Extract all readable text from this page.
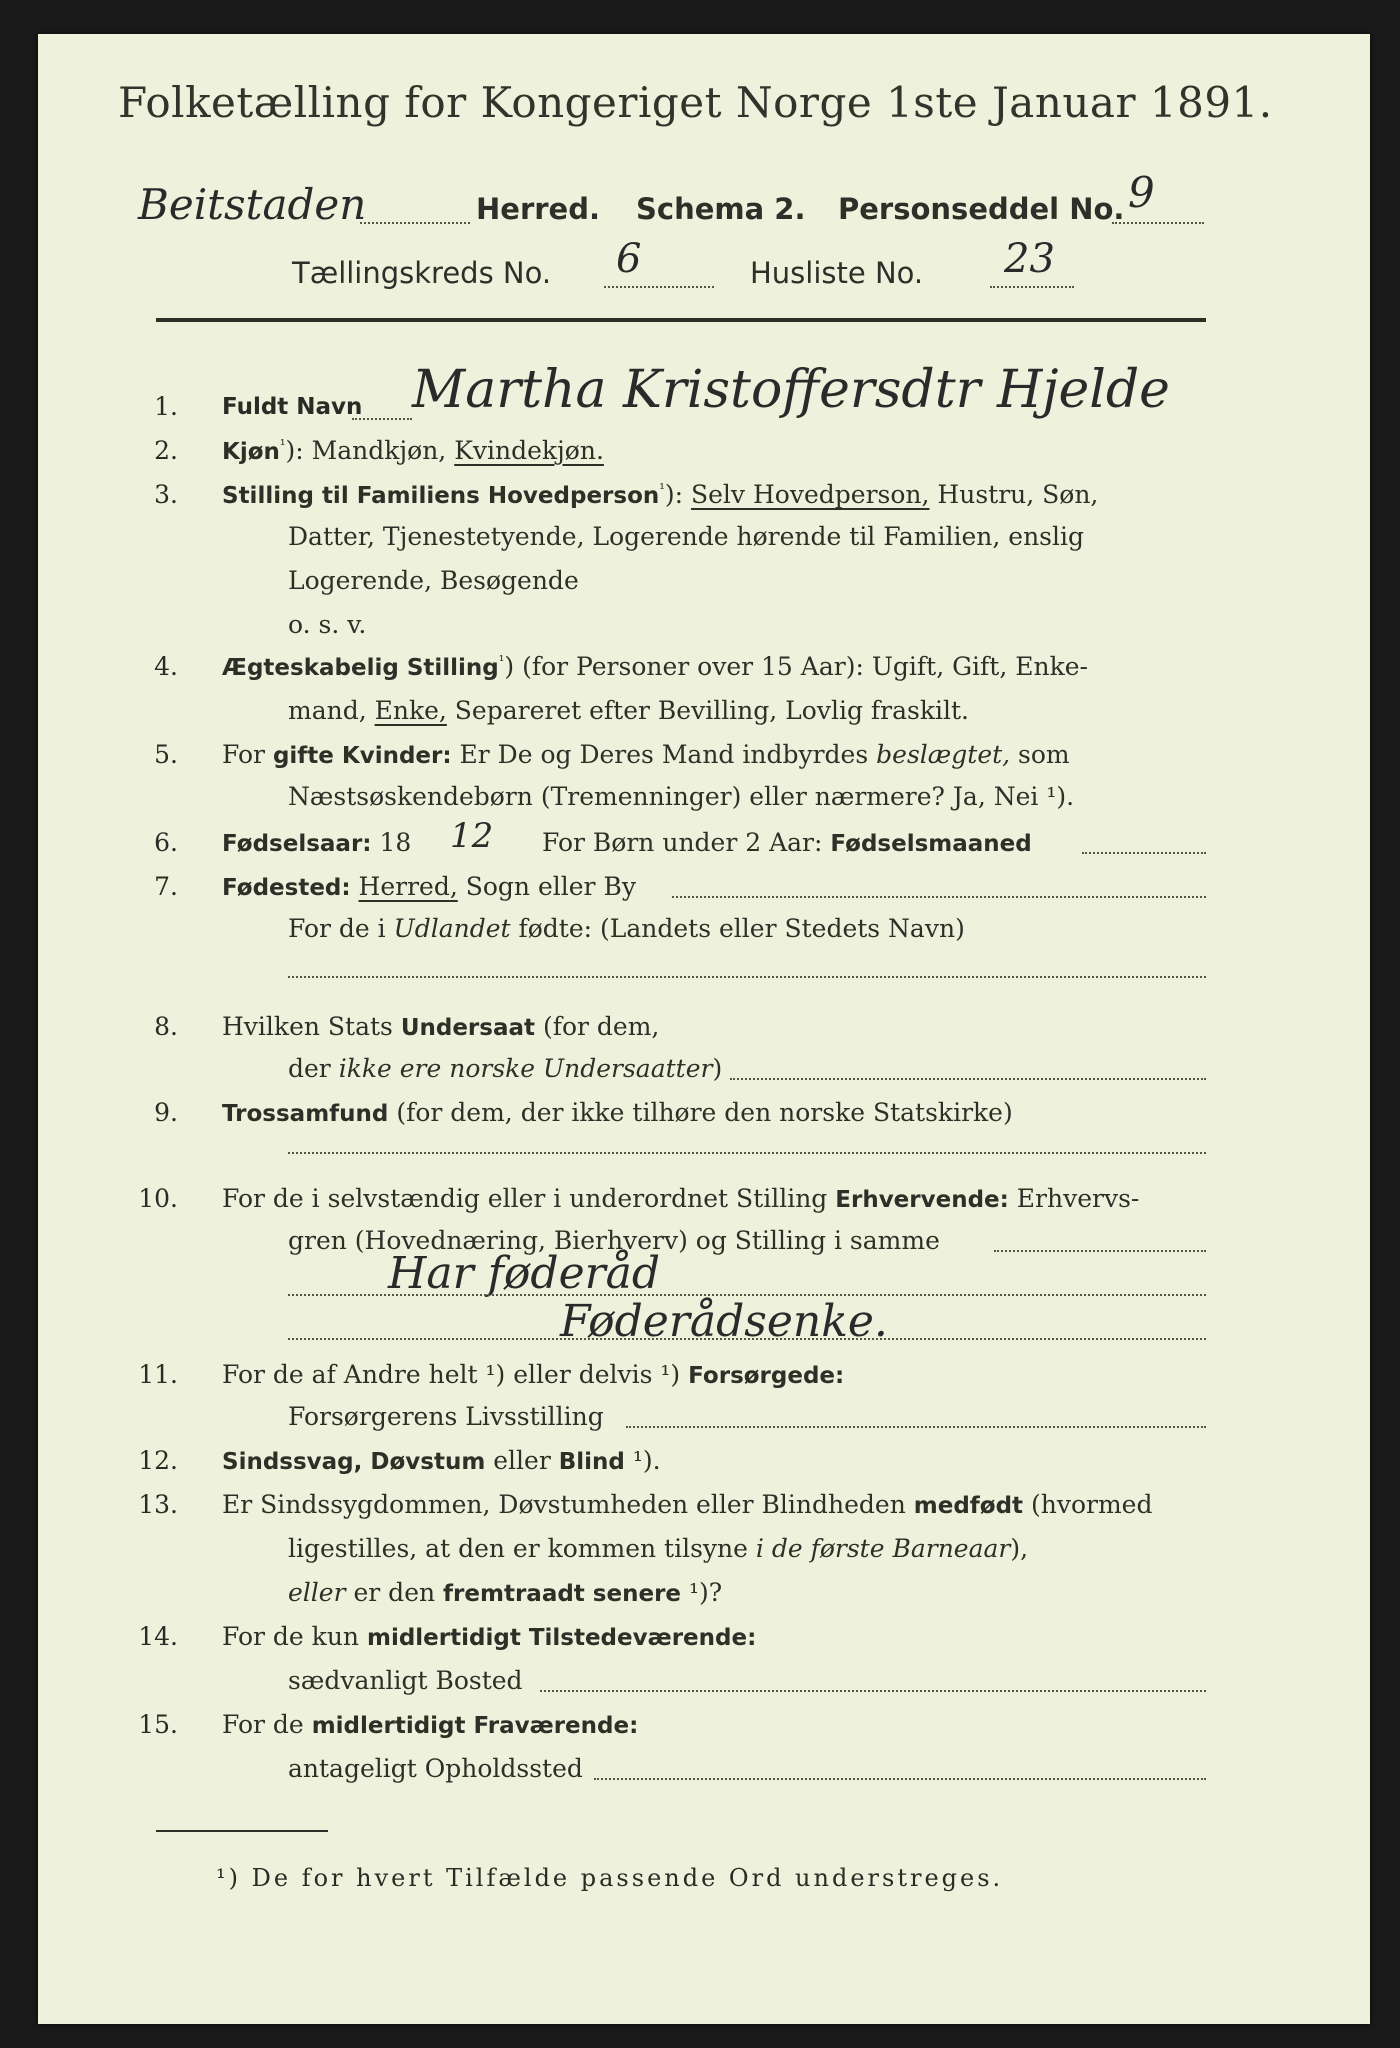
Folketælling for Kongeriget Norge 1ste Januar 1891.
Beitstaden	Herred. Schema 2. Personseddel No. 9
Tællingskreds No. 6	Husliste No. 23
1. Fuldt Navn Martha Kristoffersdtr Hjelde
2. Kjøn$^{^1}$): Mandkjøn, Kvindekjøn.
3. Stilling til Familiens Hovedperson$^{^1}$): Selv Hovedperson, Hustru, Søn,
Datter, Tjenestetyende, Logerende hørende til Familien, enslig
Logerende, Besøgende
o. s. v.
4. Ægteskabelig Stilling$^{^1}$) (for Personer over 15 Aar): Ugift, Gift, Enke-
mand, Enke, Separeret efter Bevilling, Lovlig fraskilt.
5. For gifte Kvinder: Er De og Deres Mand indbyrdes beslægtet, som
Næstsøskendebørn (Tremenninger) eller nærmere? Ja, Nei ¹).
6. Fødselsaar: 18 12 For Børn under 2 Aar: Fødselsmaaned
7. Fødested: Herred, Sogn eller By
For de i Udlandet fødte: (Landets eller Stedets Navn)
8. Hvilken Stats Undersaat (for dem,
der ikke ere norske Undersaatter)
9. Trossamfund (for dem, der ikke tilhøre den norske Statskirke)
10. For de i selvstændig eller i underordnet Stilling Erhvervende: Erhvervs-
gren (Hovednæring, Bierhverv) og Stilling i samme
Har føderåd
Føderådsenke.
11. For de af Andre helt ¹) eller delvis ¹) Forsørgede:
Forsørgerens Livsstilling
12. Sindssvag, Døvstum eller Blind ¹).
13. Er Sindssygdommen, Døvstumheden eller Blindheden medfødt (hvormed
ligestilles, at den er kommen tilsyne i de første Barneaar),
eller er den fremtraadt senere ¹)?
14. For de kun midlertidigt Tilstedeværende:
sædvanligt Bosted
15. For de midlertidigt Fraværende:
antageligt Opholdssted
¹) De for hvert Tilfælde passende Ord understreges.
